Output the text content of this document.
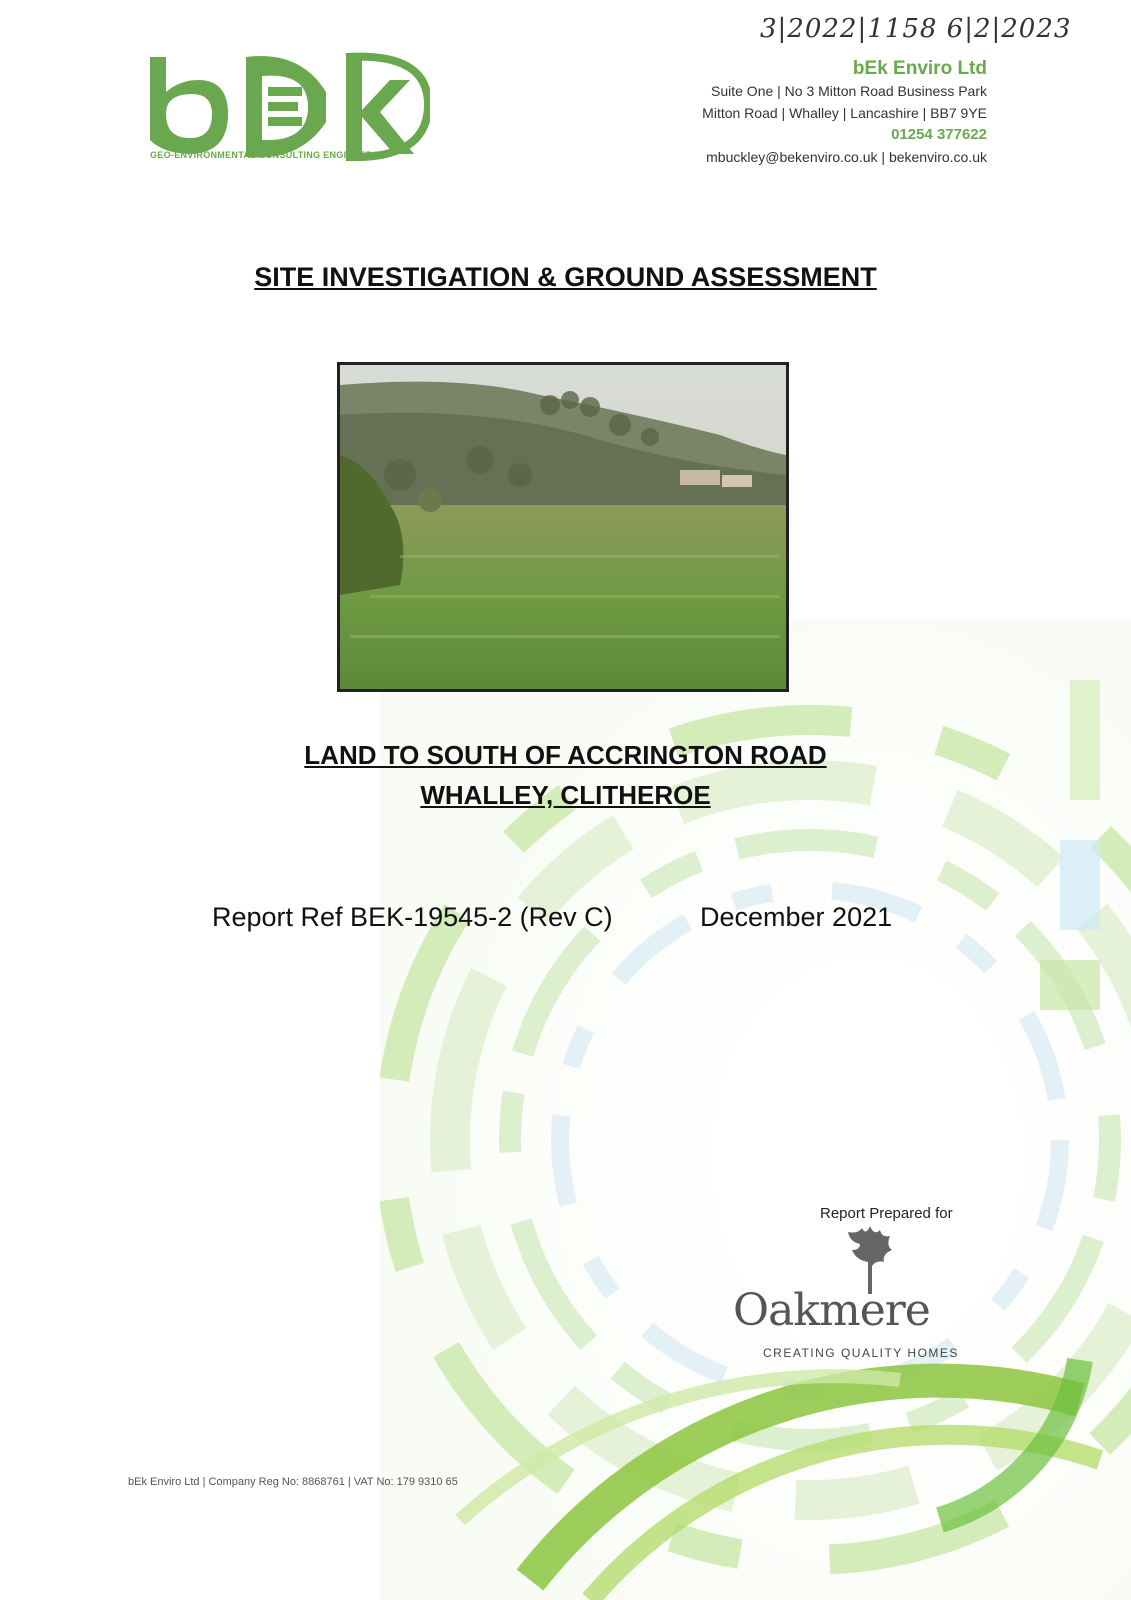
3|2022|1158 6|2|2023
GEO-ENVIRONMENTAL CONSULTING ENGINEERS
bEk Enviro Ltd
Suite One | No 3 Mitton Road Business Park
Mitton Road | Whalley | Lancashire | BB7 9YE
01254 377622
mbuckley@bekenviro.co.uk | bekenviro.co.uk
SITE INVESTIGATION & GROUND ASSESSMENT
LAND TO SOUTH OF ACCRINGTON ROAD
WHALLEY, CLITHEROE
Report Ref BEK-19545-2 (Rev C)	December 2021
Report Prepared for
Oakmere
CREATING QUALITY HOMES
bEk Enviro Ltd | Company Reg No: 8868761 | VAT No: 179 9310 65
